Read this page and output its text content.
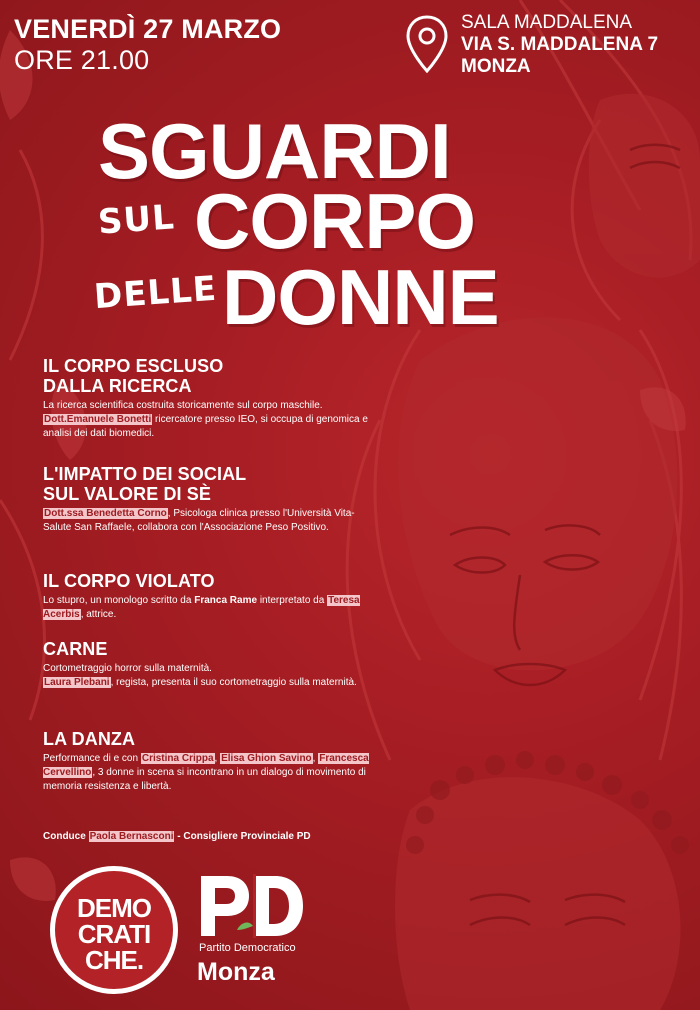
VENERDÌ 27 MARZO
ORE 21.00
SALA MADDALENA
VIA S. MADDALENA 7
MONZA
SGUARDI
SUL CORPO
DELLE DONNE
IL CORPO ESCLUSO DALLA RICERCA

La ricerca scientifica costruita storicamente sul corpo maschile. Dott.Emanuele Bonetti ricercatore presso IEO, si occupa di genomica e analisi dei dati biomedici.

L'IMPATTO DEI SOCIAL SUL VALORE DI SÈ

Dott.ssa Benedetta Corno, Psicologa clinica presso l'Università Vita-Salute San Raffaele, collabora con l'Associazione Peso Positivo.

IL CORPO VIOLATO

Lo stupro, un monologo scritto da Franca Rame interpretato da Teresa Acerbis, attrice.

CARNE

Cortometraggio horror sulla maternità.
Laura Plebani, regista, presenta il suo cortometraggio sulla maternità.

LA DANZA

Performance di e con Cristina Crippa, Elisa Ghion Savino, Francesca Cervellino, 3 donne in scena si incontrano in un dialogo di movimento di memoria resistenza e libertà.

Conduce Paola Bernasconi - Consigliere Provinciale PD
DEMO
CRATI
CHE.	Partito Democratico
Monza
